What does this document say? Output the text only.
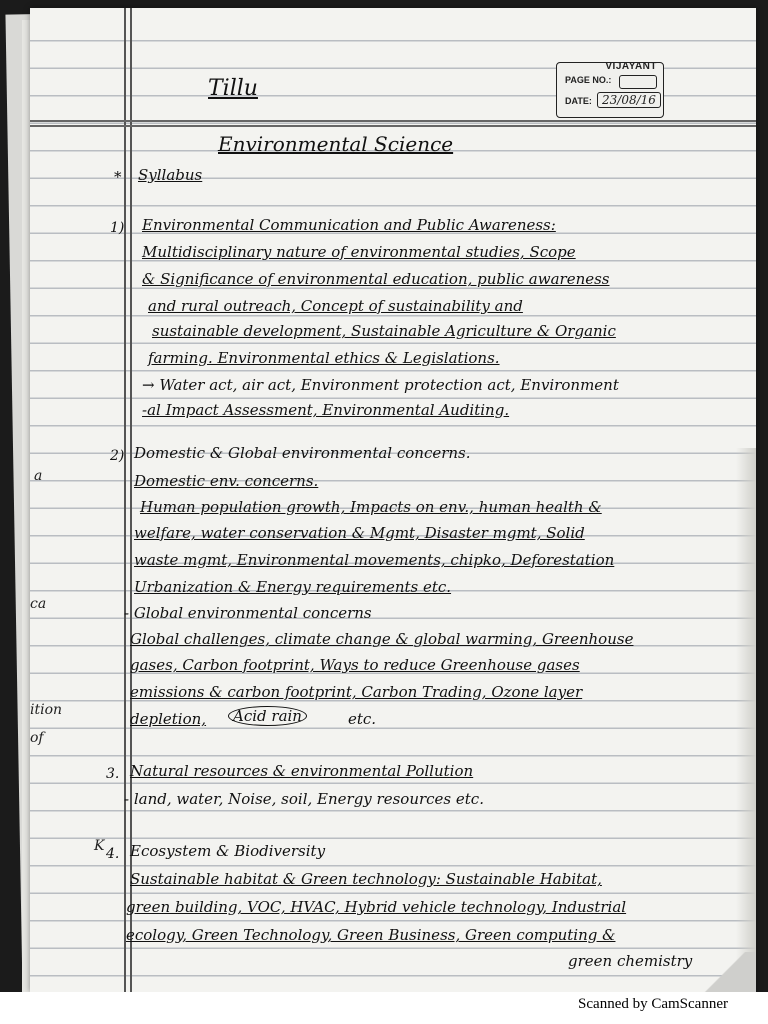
Tillu
VIJAYANT
PAGE NO.:
DATE: 23/08/16
Environmental Science
* Syllabus
1) Environmental Communication and Public Awareness:
Multidisciplinary nature of environmental studies, Scope
& Significance of environmental education, public awareness
and rural outreach, Concept of sustainability and
sustainable development, Sustainable Agriculture & Organic
farming. Environmental ethics & Legislations.
→ Water act, air act, Environment protection act, Environment
-al Impact Assessment, Environmental Auditing.
2) Domestic & Global environmental concerns.
Domestic env. concerns.
Human population growth, Impacts on env., human health &
welfare, water conservation & Mgmt, Disaster mgmt, Solid
waste mgmt, Environmental movements, chipko, Deforestation
Urbanization & Energy requirements etc.
- Global environmental concerns
Global challenges, climate change & global warming, Greenhouse
gases, Carbon footprint, Ways to reduce Greenhouse gases
emissions & carbon footprint, Carbon Trading, Ozone layer
depletion,	Acid rain	etc.
3. Natural resources & environmental Pollution
- land, water, Noise, soil, Energy resources etc.
4. Ecosystem & Biodiversity
Sustainable habitat & Green technology: Sustainable Habitat,
green building, VOC, HVAC, Hybrid vehicle technology, Industrial
ecology, Green Technology, Green Business, Green computing &
green chemistry
a
ca
ition
of
K
Scanned by CamScanner
